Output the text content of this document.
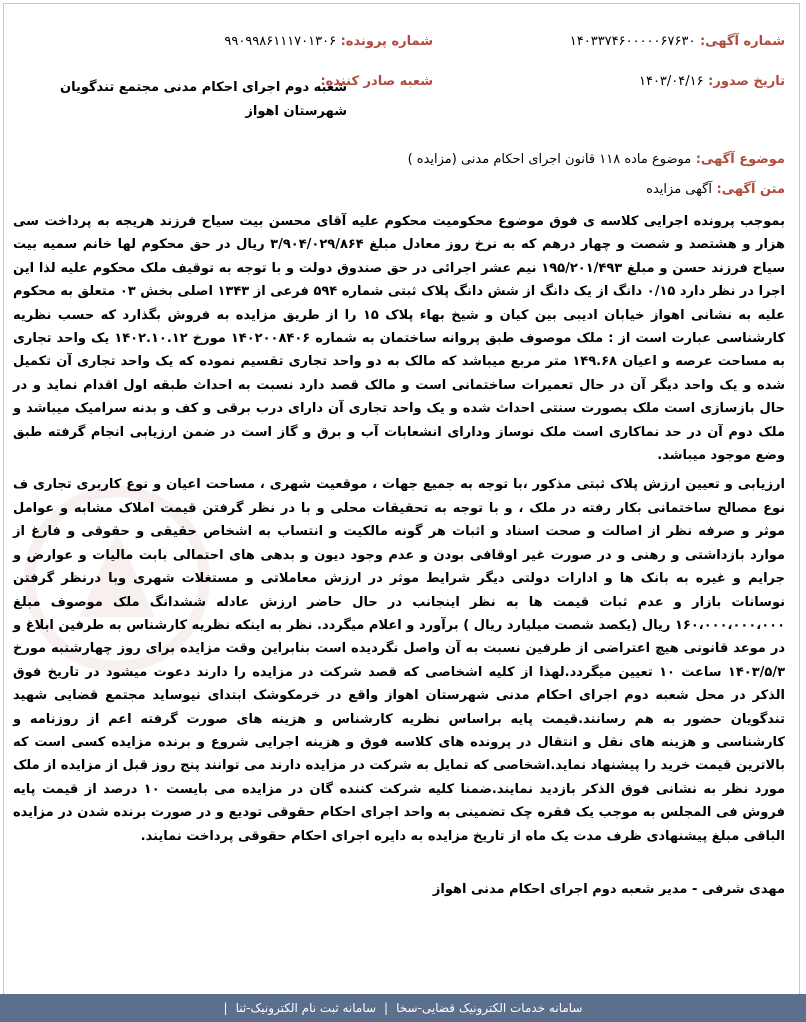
شماره آگهی: ۱۴۰۳۳۷۴۶۰۰۰۰۰۶۷۶۳۰
شماره پرونده: ۹۹۰۹۹۸۶۱۱۱۷۰۱۳۰۶
تاریخ صدور: ۱۴۰۳/۰۴/۱۶
شعبه صادر کننده:
شعبه دوم اجرای احکام مدنی مجتمع تندگویان شهرستان اهواز
موضوع آگهی: موضوع ماده ۱۱۸ قانون اجرای احکام مدنی (مزایده )
متن آگهی: آگهی مزایده

بموجب پرونده اجرایی کلاسه ی فوق موضوع محکومیت محکوم علیه آقای محسن بیت سیاح فرزند هریجه به پرداخت سی هزار و هشتصد و شصت و چهار درهم که به نرخ روز معادل مبلغ ۳/۹۰۴/۰۲۹/۸۶۴ ریال در حق محکوم لها خانم سمیه بیت سیاح فرزند حسن و مبلغ ۱۹۵/۲۰۱/۴۹۳ نیم عشر اجرائی در حق صندوق دولت و با توجه به توقیف ملک محکوم علیه لذا این اجرا در نظر دارد ۰/۱۵ دانگ از یک دانگ از شش دانگ پلاک ثبتی شماره ۵۹۴ فرعی از ۱۳۴۳ اصلی بخش ۰۳ متعلق به محکوم علیه به نشانی اهواز خیابان ادیبی بین کیان و شیخ بهاء پلاک ۱۵ را از طریق مزایده به فروش بگذارد که حسب نظریه کارشناسی عبارت است از : ملک موصوف طبق پروانه ساختمان به شماره ۱۴۰۲۰۰۸۴۰۶ مورخ ۱۴۰۲.۱۰.۱۲ یک واحد تجاری به مساحت عرصه و اعیان ۱۴۹.۶۸ متر مربع میباشد که مالک به دو واحد تجاری تقسیم نموده که یک واحد تجاری آن تکمیل شده و یک واحد دیگر آن در حال تعمیرات ساختمانی است و مالک قصد دارد نسبت به احداث طبقه اول اقدام نماید و در حال بازسازی است ملک بصورت سنتی احداث شده و یک واحد تجاری آن دارای درب برقی و کف و بدنه سرامیک میباشد و ملک دوم آن در حد نماکاری است ملک نوساز ودارای انشعابات آب و برق و گاز است در ضمن ارزیابی انجام گرفته طبق وضع موجود میباشد.

ارزیابی و تعیین ارزش پلاک ثبتی مذکور ،با توجه به جمیع جهات ، موقعیت شهری ، مساحت اعیان و نوع کاربری تجاری ف نوع مصالح ساختمانی بکار رفته در ملک ، و با توجه به تحقیقات محلی و با در نظر گرفتن قیمت املاک مشابه و عوامل موثر و صرفه نظر از اصالت و صحت اسناد و اثبات هر گونه مالکیت و انتساب به اشخاص حقیقی و حقوقی و فارغ از موارد بازداشتی و رهنی و در صورت غیر اوقافی بودن و عدم وجود دیون و بدهی های احتمالی بابت مالیات و عوارض و جرایم و غیره به بانک ها و ادارات دولتی دیگر شرایط موثر در ارزش معاملاتی و مستغلات شهری وبا درنظر گرفتن نوسانات بازار و عدم ثبات قیمت ها به نظر اینجانب در حال حاضر ارزش عادله ششدانگ ملک موصوف مبلغ ۱۶۰،۰۰۰،۰۰۰،۰۰۰ ریال (یکصد شصت میلیارد ریال ) برآورد و اعلام میگردد. نظر به اینکه نظریه کارشناس به طرفین ابلاغ و در موعد قانونی هیچ اعتراضی از طرفین نسبت به آن واصل نگردیده است بنابراین وقت مزایده برای روز چهارشنبه مورخ ۱۴۰۳/۵/۳ ساعت ۱۰ تعیین میگردد.لهذا از کلیه اشخاصی که قصد شرکت در مزایده را دارند دعوت میشود در تاریخ فوق الذکر در محل شعبه دوم اجرای احکام مدنی شهرستان اهواز واقع در خرمکوشک ابتدای نیوساید مجتمع قضایی شهید تندگویان حضور به هم رسانند.قیمت پایه براساس نظریه کارشناس و هزینه های صورت گرفته اعم از روزنامه و کارشناسی و هزینه های نقل و انتقال در پرونده های کلاسه فوق و هزینه اجرایی شروع و برنده مزایده کسی است که بالاترین قیمت خرید را پیشنهاد نماید.اشخاصی که تمایل به شرکت در مزایده دارند می توانند پنج روز قبل از مزایده از ملک مورد نظر به نشانی فوق الذکر بازدید نمایند.ضمنا کلیه شرکت کننده گان در مزایده می بایست ۱۰ درصد از قیمت پایه فروش فی المجلس به موجب یک فقره چک تضمینی به واحد اجرای احکام حقوقی تودیع و در صورت برنده شدن در مزایده الباقی مبلغ پیشنهادی ظرف مدت یک ماه از تاریخ مزایده به دایره اجرای احکام حقوقی پرداخت نمایند.

مهدی شرفی - مدیر شعبه دوم اجرای احکام مدنی اهواز
سامانه خدمات الکترونیک قضایی-سخا
|
سامانه ثبت نام الکترونیک-ثنا
|
